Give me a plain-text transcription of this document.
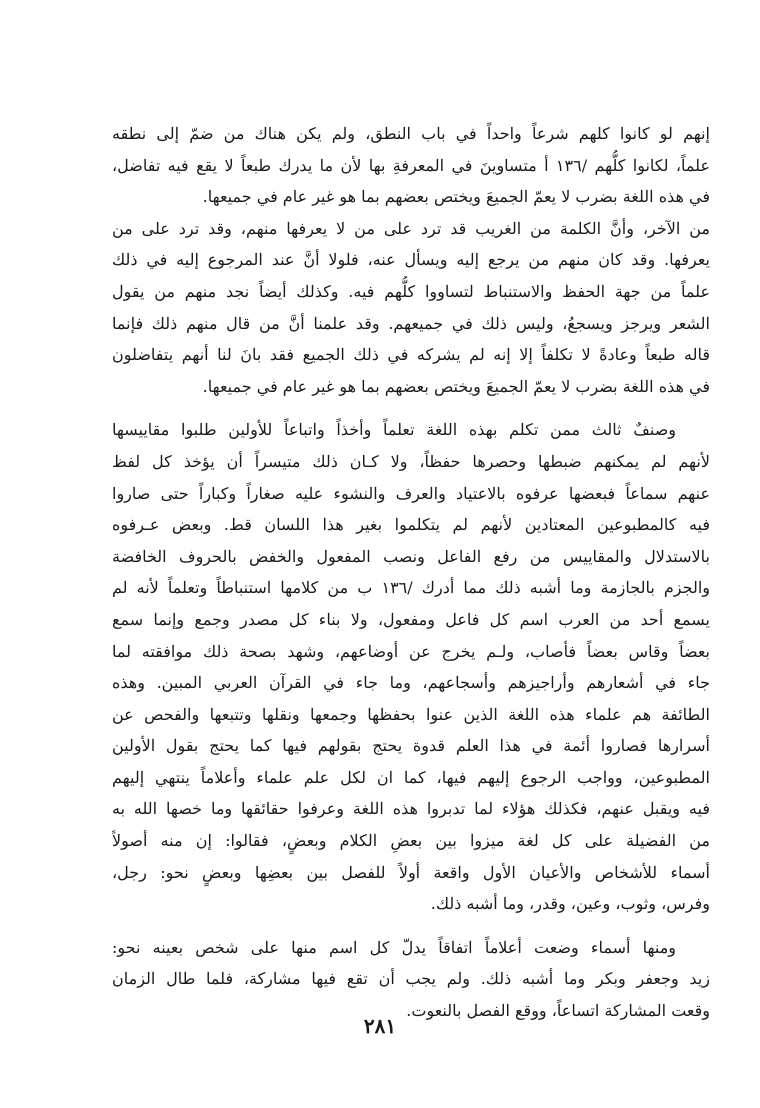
إنهم لو كانوا كلهم شرعاً واحداً في باب النطق، ولم يكن هناك من ضمّ إلى نطقه
علماً، لكانوا كلُّهم /١٣٦ أ متساوينَ في المعرفةِ بها لأن ما يدرك طبعاً لا يقع فيه تفاضل،
في هذه اللغة بضرب لا يعمّ الجميعَ ويختص بعضهم بما هو غير عام في جميعها.
من الآخر، وأنَّ الكلمة من الغريب قد ترد على من لا يعرفها منهم، وقد ترد على من
يعرفها. وقد كان منهم من يرجع إليه ويسأل عنه، فلولا أنَّ عند المرجوع إليه في ذلك
علماً من جهة الحفظ والاستنباط لتساووا كلُّهم فيه. وكذلك أيضاً نجد منهم من يقول
الشعر ويرجز ويسجعُ، وليس ذلك في جميعهم. وقد علمنا أنَّ من قال منهم ذلك فإنما
قاله طبعاً وعادةً لا تكلفاً إلا إنه لم يشركه في ذلك الجميع فقد بانَ لنا أنهم يتفاضلون
في هذه اللغة بضرب لا يعمّ الجميعَ ويختص بعضهم بما هو غير عام في جميعها.
وصنفٌ ثالث ممن تكلم بهذه اللغة تعلماً وأخذاً واتباعاً للأولين طلبوا مقاييسها
لأنهم لم يمكنهم ضبطها وحصرها حفظاً، ولا كـان ذلك متيسراً أن يؤخذ كل لفظ
عنهم سماعاً فبعضها عرفوه بالاعتياد والعرف والنشوء عليه صغاراً وكباراً حتى صاروا
فيه كالمطبوعين المعتادين لأنهم لم يتكلموا بغير هذا اللسان قط. وبعض عـرفوه
بالاستدلال والمقاييس من رفع الفاعل ونصب المفعول والخفض بالحروف الخافضة
والجزم بالجازمة وما أشبه ذلك مما أدرك /١٣٦ ب من كلامها استنباطاً وتعلماً لأنه لم
يسمع أحد من العرب اسم كل فاعل ومفعول، ولا بناء كل مصدر وجمع وإنما سمع
بعضاً وقاس بعضاً فأصاب، ولـم يخرج عن أوضاعهم، وشهد بصحة ذلك موافقته لما
جاء في أشعارهم وأراجيزهم وأسجاعهم، وما جاء في القرآن العربي المبين. وهذه
الطائفة هم علماء هذه اللغة الذين عنوا بحفظها وجمعها ونقلها وتتبعها والفحص عن
أسرارها فصاروا أئمة في هذا العلم قدوة يحتج بقولهم فيها كما يحتج بقول الأولين
المطبوعين، وواجب الرجوع إليهم فيها، كما ان لكل علم علماء وأعلاماً ينتهي إليهم
فيه ويقبل عنهم، فكذلك هؤلاء لما تدبروا هذه اللغة وعرفوا حقائقها وما خصها الله به
من الفضيلة على كل لغة ميزوا بين بعضِ الكلام وبعضٍ، فقالوا: إن منه أصولاً
أسماء للأشخاص والأعيان الأول واقعة أولاً للفصل بين بعضِها وبعضٍ نحو: رجل،
وفرس، وثوب، وعين، وقدر، وما أشبه ذلك.
ومنها أسماء وضعت أعلاماً اتفاقاً يدلّ كل اسم منها على شخص بعينه نحو:
زيد وجعفر وبكر وما أشبه ذلك. ولم يجب أن تقع فيها مشاركة، فلما طال الزمان
وقعت المشاركة اتساعاً، ووقع الفصل بالنعوت.
٢٨١
